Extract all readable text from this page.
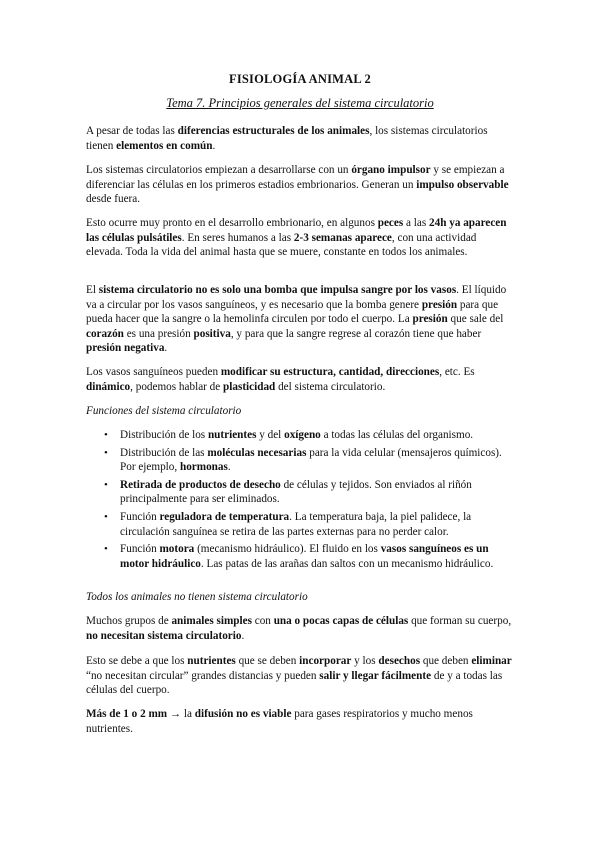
FISIOLOGÍA ANIMAL 2
Tema 7. Principios generales del sistema circulatorio

A pesar de todas las diferencias estructurales de los animales, los sistemas circulatorios tienen elementos en común.

Los sistemas circulatorios empiezan a desarrollarse con un órgano impulsor y se empiezan a diferenciar las células en los primeros estadios embrionarios. Generan un impulso observable desde fuera.

Esto ocurre muy pronto en el desarrollo embrionario, en algunos peces a las 24h ya aparecen las células pulsátiles. En seres humanos a las 2-3 semanas aparece, con una actividad elevada. Toda la vida del animal hasta que se muere, constante en todos los animales.

El sistema circulatorio no es solo una bomba que impulsa sangre por los vasos. El líquido va a circular por los vasos sanguíneos, y es necesario que la bomba genere presión para que pueda hacer que la sangre o la hemolinfa circulen por todo el cuerpo. La presión que sale del corazón es una presión positiva, y para que la sangre regrese al corazón tiene que haber presión negativa.

Los vasos sanguíneos pueden modificar su estructura, cantidad, direcciones, etc. Es dinámico, podemos hablar de plasticidad del sistema circulatorio.

Funciones del sistema circulatorio
• Distribución de los nutrientes y del oxígeno a todas las células del organismo.
• Distribución de las moléculas necesarias para la vida celular (mensajeros químicos). Por ejemplo, hormonas.
• Retirada de productos de desecho de células y tejidos. Son enviados al riñón principalmente para ser eliminados.
• Función reguladora de temperatura. La temperatura baja, la piel palidece, la circulación sanguínea se retira de las partes externas para no perder calor.
• Función motora (mecanismo hidráulico). El fluido en los vasos sanguíneos es un motor hidráulico. Las patas de las arañas dan saltos con un mecanismo hidráulico.
Todos los animales no tienen sistema circulatorio

Muchos grupos de animales simples con una o pocas capas de células que forman su cuerpo, no necesitan sistema circulatorio.

Esto se debe a que los nutrientes que se deben incorporar y los desechos que deben eliminar “no necesitan circular” grandes distancias y pueden salir y llegar fácilmente de y a todas las células del cuerpo.

Más de 1 o 2 mm → la difusión no es viable para gases respiratorios y mucho menos nutrientes.
